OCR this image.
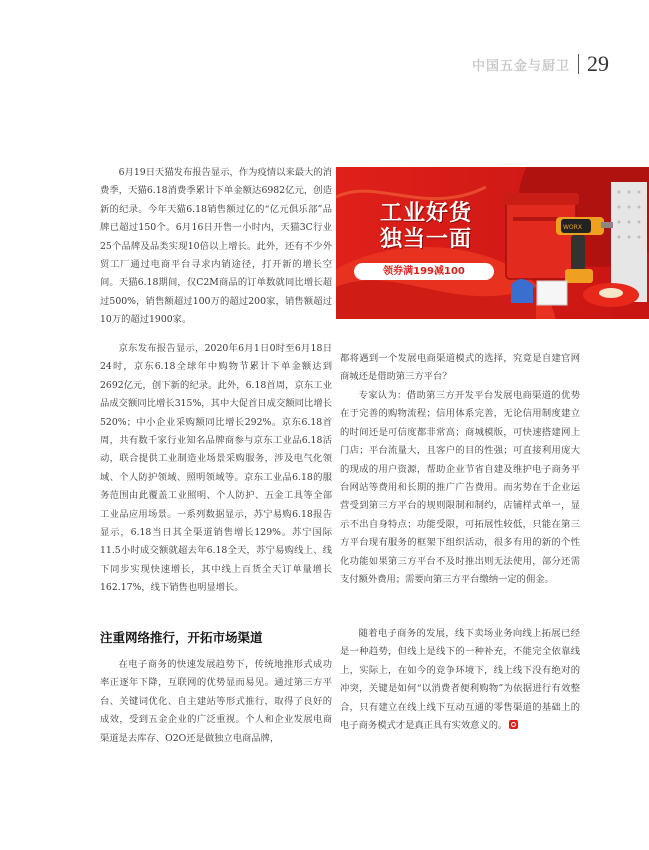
中国五金与厨卫 29

6月19日天猫发布报告显示，作为疫情以来最大的消费季，天猫6.18消费季累计下单金额达6982亿元，创造新的纪录。今年天猫6.18销售额过亿的“亿元俱乐部”品牌已超过150个。6月16日开售一小时内，天猫3C行业25个品牌及品类实现10倍以上增长。此外，还有不少外贸工厂通过电商平台寻求内销途径，打开新的增长空间。天猫6.18期间，仅C2M商品的订单数就同比增长超过500%，销售额超过100万的超过200家，销售额超过10万的超过1900家。

京东发布报告显示，2020年6月1日0时至6月18日24时，京东6.18全球年中购物节累计下单金额达到2692亿元，创下新的纪录。此外，6.18首周，京东工业品成交额同比增长315%，其中大促首日成交额同比增长520%；中小企业采购额同比增长292%。京东6.18首周，共有数千家行业知名品牌商参与京东工业品6.18活动，联合提供工业制造业场景采购服务，涉及电气化领域、个人防护领域、照明领域等。京东工业品6.18的服务范围由此覆盖工业照明、个人防护、五金工具等全部工业品应用场景。一系列数据显示，苏宁易购6.18报告显示，6.18当日其全渠道销售增长129%。苏宁国际11.5小时成交额就超去年6.18全天，苏宁易购线上、线下同步实现快速增长，其中线上百货全天订单量增长162.17%，线下销售也明显增长。

注重网络推行，开拓市场渠道

在电子商务的快速发展趋势下，传统地推形式成功率正逐年下降，互联网的优势显而易见。通过第三方平台、关键词优化、自主建站等形式推行，取得了良好的成效，受到五金企业的广泛重视。个人和企业发展电商渠道是去库存、O2O还是做独立电商品牌，

工业好货
独当一面
领券满199减100
WORX

都将遇到一个发展电商渠道模式的选择，究竟是自建官网商城还是借助第三方平台？

专家认为：借助第三方开发平台发展电商渠道的优势在于完善的购物流程；信用体系完善，无论信用制度建立的时间还是可信度都非常高；商城模版，可快速搭建网上门店；平台流量大，且客户的目的性强；可直接利用庞大的现成的用户资源，帮助企业节省自建及维护电子商务平台网站等费用和长期的推广广告费用。而劣势在于企业运营受到第三方平台的规则限制和制约，店铺样式单一，显示不出自身特点；功能受限，可拓展性较低，只能在第三方平台现有服务的框架下组织活动，很多有用的新的个性化功能如果第三方平台不及时推出则无法使用，部分还需支付额外费用；需要向第三方平台缴纳一定的佣金。

随着电子商务的发展，线下卖场业务向线上拓展已经是一种趋势，但线上是线下的一种补充，不能完全依靠线上，实际上，在如今的竞争环境下，线上线下没有绝对的冲突，关键是如何“以消费者便利购物”为依据进行有效整合，只有建立在线上线下互动互通的零售渠道的基础上的电子商务模式才是真正具有实效意义的。
